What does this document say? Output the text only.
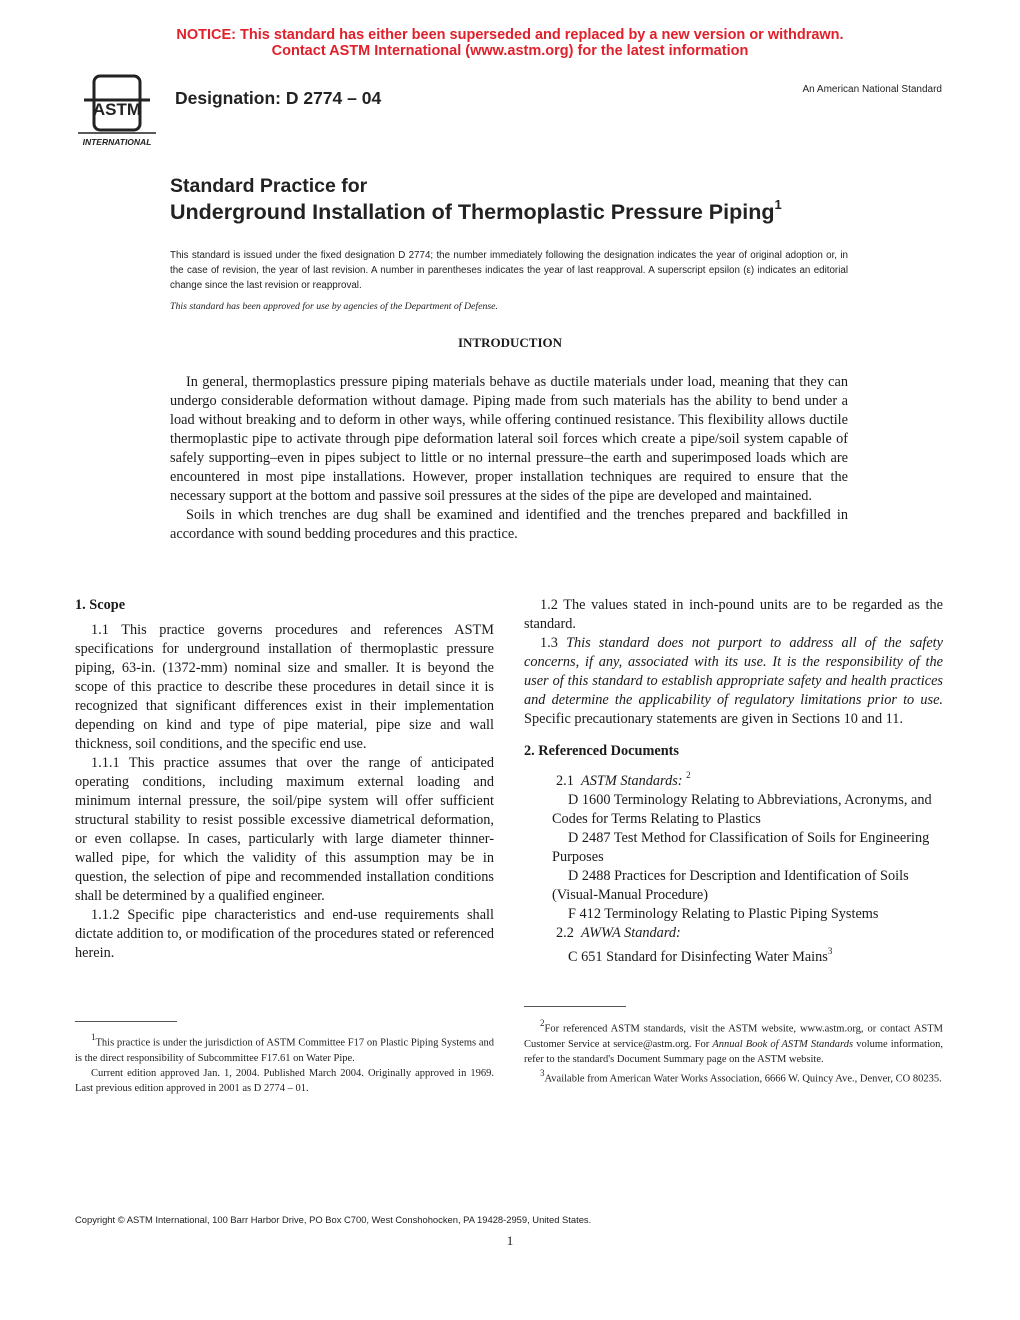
NOTICE: This standard has either been superseded and replaced by a new version or withdrawn.
Contact ASTM International (www.astm.org) for the latest information
ASTM
INTERNATIONAL
Designation: D 2774 – 04	An American National Standard
Standard Practice for
Underground Installation of Thermoplastic Pressure Piping$^1$
This standard is issued under the fixed designation D 2774; the number immediately following the designation indicates the year of original adoption or, in the case of revision, the year of last revision. A number in parentheses indicates the year of last reapproval. A superscript epsilon (ε) indicates an editorial change since the last revision or reapproval.
This standard has been approved for use by agencies of the Department of Defense.
INTRODUCTION

In general, thermoplastics pressure piping materials behave as ductile materials under load, meaning that they can undergo considerable deformation without damage. Piping made from such materials has the ability to bend under a load without breaking and to deform in other ways, while offering continued resistance. This flexibility allows ductile thermoplastic pipe to activate through pipe deformation lateral soil forces which create a pipe/soil system capable of safely supporting–even in pipes subject to little or no internal pressure–the earth and superimposed loads which are encountered in most pipe installations. However, proper installation techniques are required to ensure that the necessary support at the bottom and passive soil pressures at the sides of the pipe are developed and maintained.

Soils in which trenches are dug shall be examined and identified and the trenches prepared and backfilled in accordance with sound bedding procedures and this practice.

1. Scope

1.1 This practice governs procedures and references ASTM specifications for underground installation of thermoplastic pressure piping, 63-in. (1372-mm) nominal size and smaller. It is beyond the scope of this practice to describe these procedures in detail since it is recognized that significant differences exist in their implementation depending on kind and type of pipe material, pipe size and wall thickness, soil conditions, and the specific end use.

1.1.1 This practice assumes that over the range of anticipated operating conditions, including maximum external loading and minimum internal pressure, the soil/pipe system will offer sufficient structural stability to resist possible excessive diametrical deformation, or even collapse. In cases, particularly with large diameter thinner-walled pipe, for which the validity of this assumption may be in question, the selection of pipe and recommended installation conditions shall be determined by a qualified engineer.

1.1.2 Specific pipe characteristics and end-use requirements shall dictate addition to, or modification of the procedures stated or referenced herein.

1.2 The values stated in inch-pound units are to be regarded as the standard.

1.3 This standard does not purport to address all of the safety concerns, if any, associated with its use. It is the responsibility of the user of this standard to establish appropriate safety and health practices and determine the applicability of regulatory limitations prior to use. Specific precautionary statements are given in Sections 10 and 11.

2. Referenced Documents

2.1 ASTM Standards: $^2$

D 1600 Terminology Relating to Abbreviations, Acronyms, and Codes for Terms Relating to Plastics

D 2487 Test Method for Classification of Soils for Engineering Purposes

D 2488 Practices for Description and Identification of Soils (Visual-Manual Procedure)

F 412 Terminology Relating to Plastic Piping Systems

2.2 AWWA Standard:

C 651 Standard for Disinfecting Water Mains$^3$

$^1$This practice is under the jurisdiction of ASTM Committee F17 on Plastic Piping Systems and is the direct responsibility of Subcommittee F17.61 on Water Pipe.

Current edition approved Jan. 1, 2004. Published March 2004. Originally approved in 1969. Last previous edition approved in 2001 as D 2774 – 01.

$^2$For referenced ASTM standards, visit the ASTM website, www.astm.org, or contact ASTM Customer Service at service@astm.org. For Annual Book of ASTM Standards volume information, refer to the standard's Document Summary page on the ASTM website.

$^3$Available from American Water Works Association, 6666 W. Quincy Ave., Denver, CO 80235.

Copyright © ASTM International, 100 Barr Harbor Drive, PO Box C700, West Conshohocken, PA 19428-2959, United States.
1
